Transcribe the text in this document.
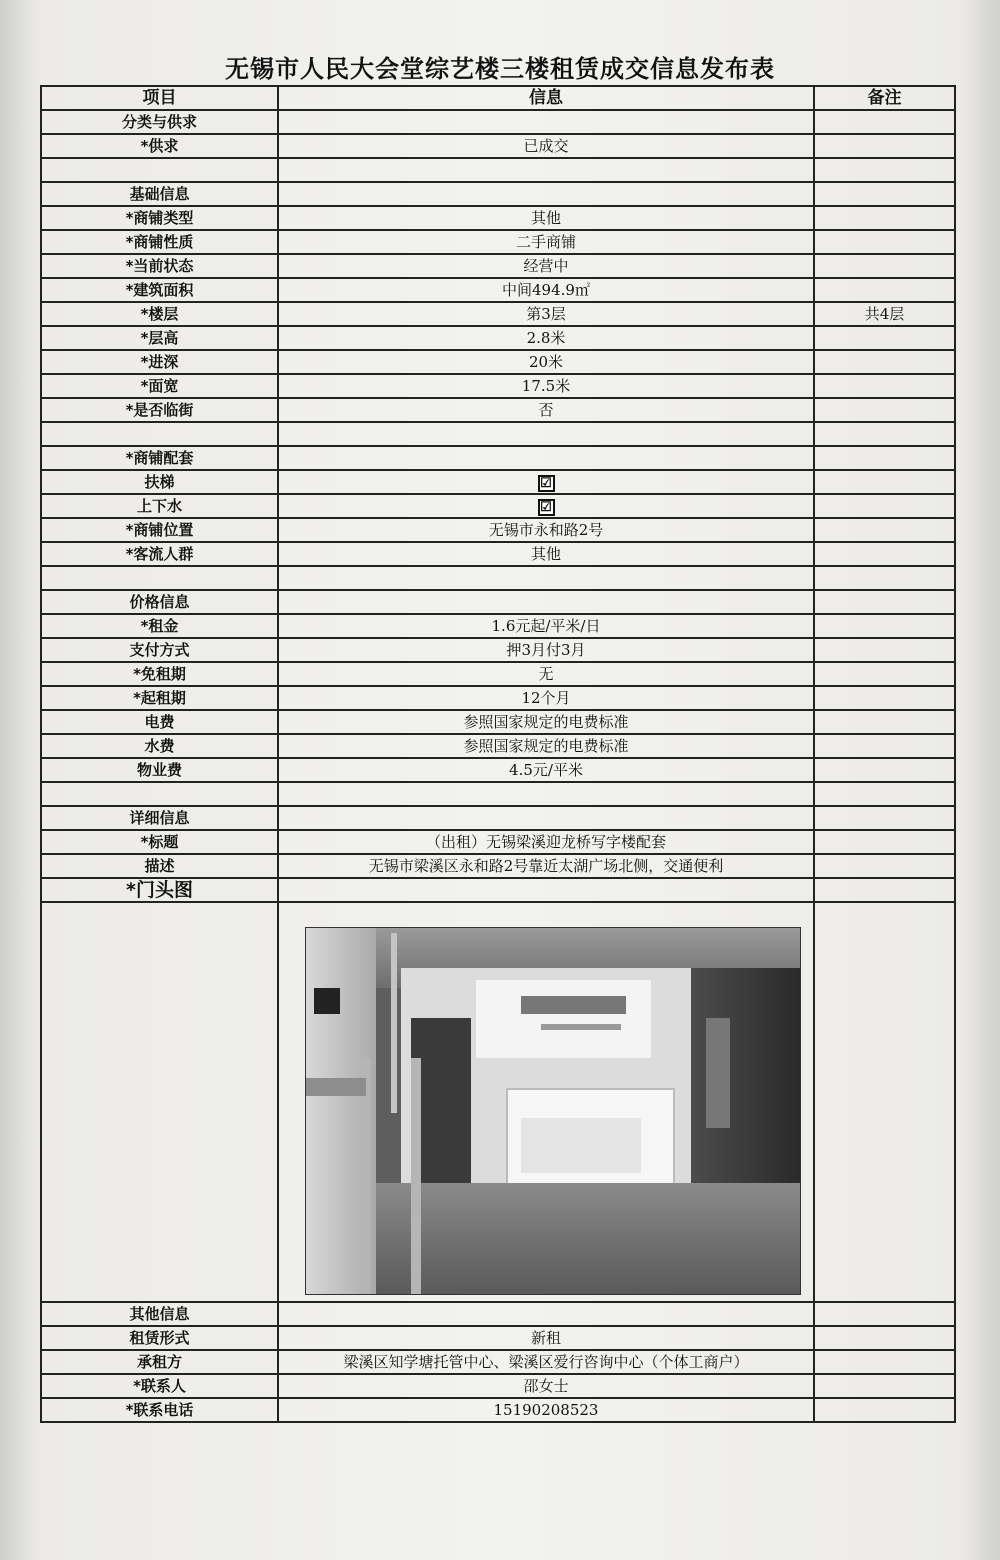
无锡市人民大会堂综艺楼三楼租赁成交信息发布表
项目	信息	备注
分类与供求		
*供求	已成交	

基础信息		
*商铺类型	其他	
*商铺性质	二手商铺	
*当前状态	经营中	
*建筑面积	中间494.9㎡	
*楼层	第3层	共4层
*层高	2.8米	
*进深	20米	
*面宽	17.5米	
*是否临街	否	

*商铺配套		
扶梯	☑	
上下水	☑	
*商铺位置	无锡市永和路2号	
*客流人群	其他	

价格信息		
*租金	1.6元起/平米/日	
支付方式	押3月付3月	
*免租期	无	
*起租期	12个月	
电费	参照国家规定的电费标准	
水费	参照国家规定的电费标准	
物业费	4.5元/平米	

详细信息		
*标题	（出租）无锡梁溪迎龙桥写字楼配套	
描述	无锡市梁溪区永和路2号靠近太湖广场北侧，交通便利	
*门头图		

其他信息		
租赁形式	新租	
承租方	梁溪区知学塘托管中心、梁溪区爱行咨询中心（个体工商户）	
*联系人	邵女士	
*联系电话	15190208523	
